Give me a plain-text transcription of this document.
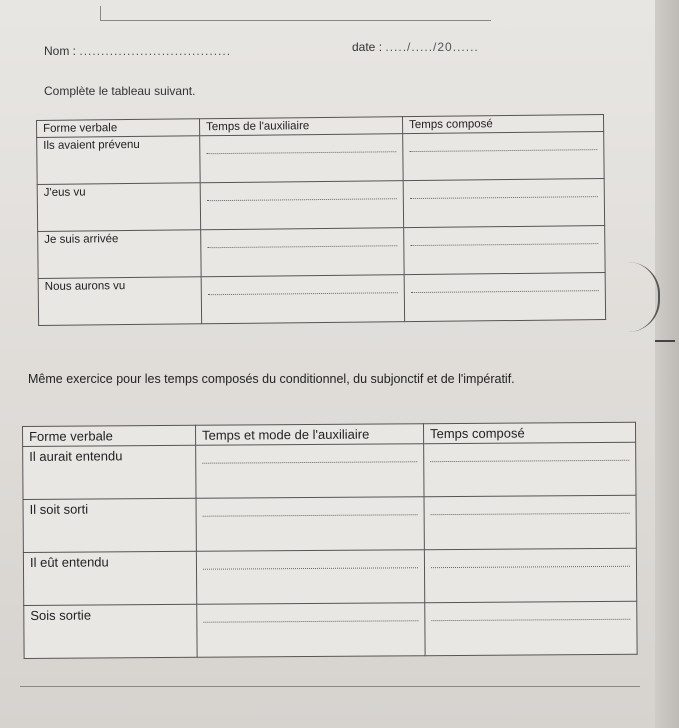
Nom : ...................................	date : ...../...../20......
Complète le tableau suivant.
Forme verbale	Temps de l'auxiliaire	Temps composé
Ils avaient prévenu	

J'eus vu	

Je suis arrivée	

Nous aurons vu	

Même exercice pour les temps composés du conditionnel, du subjonctif et de l'impératif.
Forme verbale	Temps et mode de l'auxiliaire	Temps composé
Il aurait entendu	

Il soit sorti	

Il eût entendu	

Sois sortie	
